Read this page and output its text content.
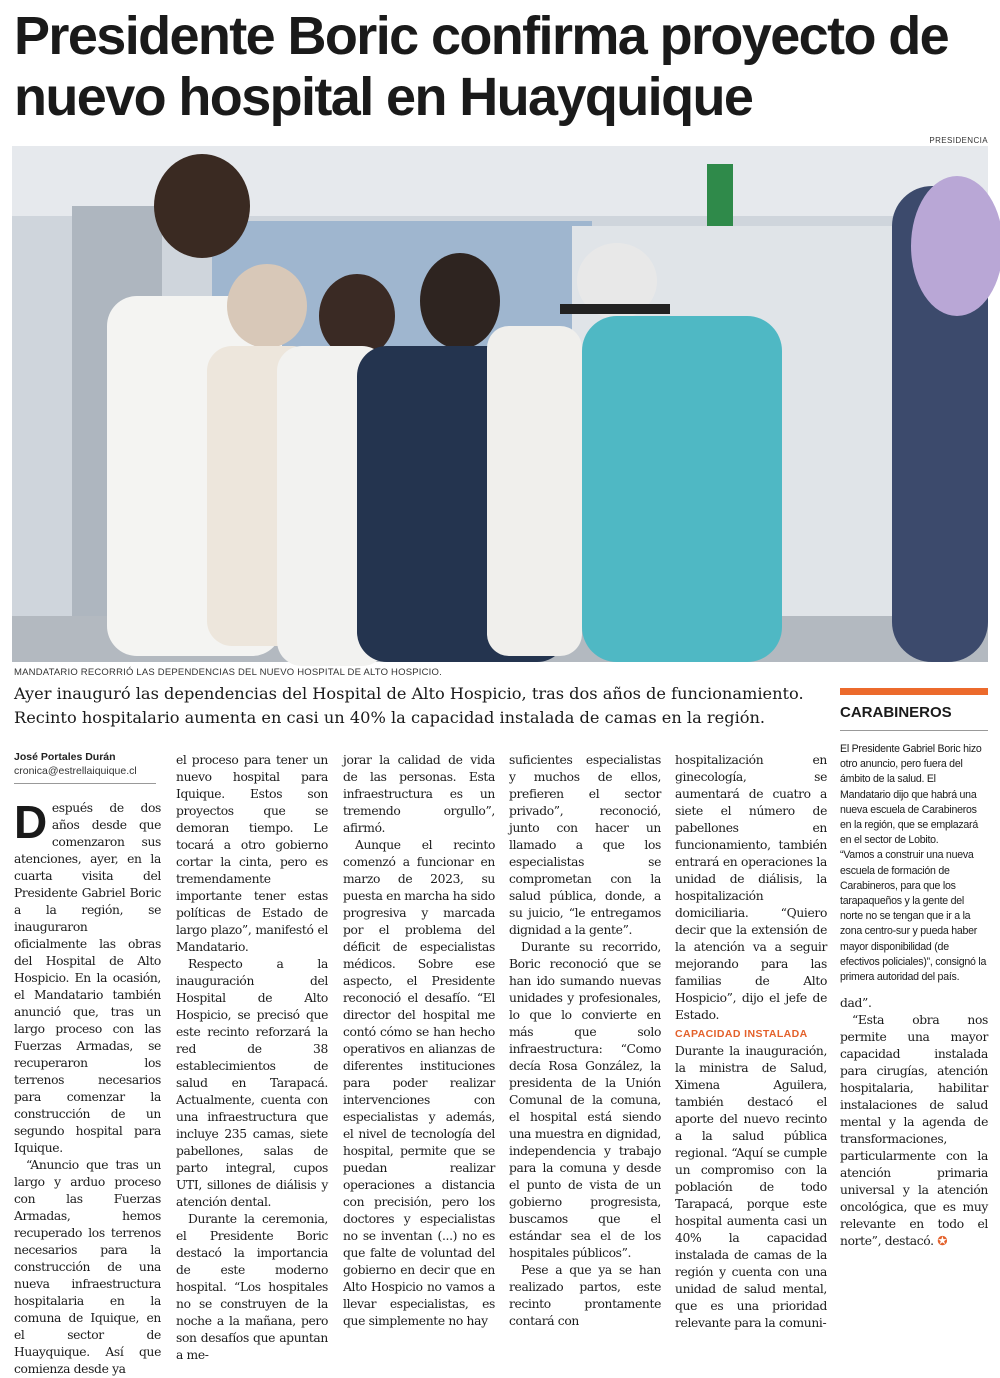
Presidente Boric confirma proyecto de nuevo hospital en Huayquique
PRESIDENCIA
MANDATARIO RECORRIÓ LAS DEPENDENCIAS DEL NUEVO HOSPITAL DE ALTO HOSPICIO.
Ayer inauguró las dependencias del Hospital de Alto Hospicio, tras dos años de funcionamiento. Recinto hospitalario aumenta en casi un 40% la capacidad instalada de camas en la región.
José Portales Durán
cronica@estrellaiquique.cl

Después de dos años desde que comenzaron sus atenciones, ayer, en la cuarta visita del Presidente Gabriel Boric a la región, se inauguraron oficialmente las obras del Hospital de Alto Hospicio. En la ocasión, el Mandatario también anunció que, tras un largo proceso con las Fuerzas Armadas, se recuperaron los terrenos necesarios para comenzar la construcción de un segundo hospital para Iquique.

“Anuncio que tras un largo y arduo proceso con las Fuerzas Armadas, hemos recuperado los terrenos necesarios para la construcción de una nueva infraestructura hospitalaria en la comuna de Iquique, en el sector de Huayquique. Así que comienza desde ya

el proceso para tener un nuevo hospital para Iquique. Estos son proyectos que se demoran tiempo. Le tocará a otro gobierno cortar la cinta, pero es tremendamente importante tener estas políticas de Estado de largo plazo”, manifestó el Mandatario.

Respecto a la inauguración del Hospital de Alto Hospicio, se precisó que este recinto reforzará la red de 38 establecimientos de salud en Tarapacá. Actualmente, cuenta con una infraestructura que incluye 235 camas, siete pabellones, salas de parto integral, cupos UTI, sillones de diálisis y atención dental.

Durante la ceremonia, el Presidente Boric destacó la importancia de este moderno hospital. “Los hospitales no se construyen de la noche a la mañana, pero son desafíos que apuntan a me-

jorar la calidad de vida de las personas. Esta infraestructura es un tremendo orgullo”, afirmó.

Aunque el recinto comenzó a funcionar en marzo de 2023, su puesta en marcha ha sido progresiva y marcada por el problema del déficit de especialistas médicos. Sobre ese aspecto, el Presidente reconoció el desafío. “El director del hospital me contó cómo se han hecho operativos en alianzas de diferentes instituciones para poder realizar intervenciones con especialistas y además, el nivel de tecnología del hospital, permite que se puedan realizar operaciones a distancia con precisión, pero los doctores y especialistas no se inventan (...) no es que falte de voluntad del gobierno en decir que en Alto Hospicio no vamos a llevar especialistas, es que simplemente no hay

suficientes especialistas y muchos de ellos, prefieren el sector privado”, reconoció, junto con hacer un llamado a que los especialistas se comprometan con la salud pública, donde, a su juicio, “le entregamos dignidad a la gente”.

Durante su recorrido, Boric reconoció que se han ido sumando nuevas unidades y profesionales, lo que lo convierte en más que solo infraestructura: “Como decía Rosa González, la presidenta de la Unión Comunal de la comuna, el hospital está siendo una muestra en dignidad, independencia y trabajo para la comuna y desde el punto de vista de un gobierno progresista, buscamos que el estándar sea el de los hospitales públicos”.

Pese a que ya se han realizado partos, este recinto prontamente contará con

hospitalización en ginecología, se aumentará de cuatro a siete el número de pabellones en funcionamiento, también entrará en operaciones la unidad de diálisis, la hospitalización domiciliaria. “Quiero decir que la extensión de la atención va a seguir mejorando para las familias de Alto Hospicio”, dijo el jefe de Estado.

CAPACIDAD INSTALADA

Durante la inauguración, la ministra de Salud, Ximena Aguilera, también destacó el aporte del nuevo recinto a la salud pública regional. “Aquí se cumple un compromiso con la población de todo Tarapacá, porque este hospital aumenta casi un 40% la capacidad instalada de camas de la región y cuenta con una unidad de salud mental, que es una prioridad relevante para la comuni-

CARABINEROS

El Presidente Gabriel Boric hizo otro anuncio, pero fuera del ámbito de la salud. El Mandatario dijo que habrá una nueva escuela de Carabineros en la región, que se emplazará en el sector de Lobito.

“Vamos a construir una nueva escuela de formación de Carabineros, para que los tarapaqueños y la gente del norte no se tengan que ir a la zona centro-sur y pueda haber mayor disponibilidad (de efectivos policiales)”, consignó la primera autoridad del país.

dad”.

“Esta obra nos permite una mayor capacidad instalada para cirugías, atención hospitalaria, habilitar instalaciones de salud mental y la agenda de transformaciones, particularmente con la atención primaria universal y la atención oncológica, que es muy relevante en todo el norte”, destacó. ✪
